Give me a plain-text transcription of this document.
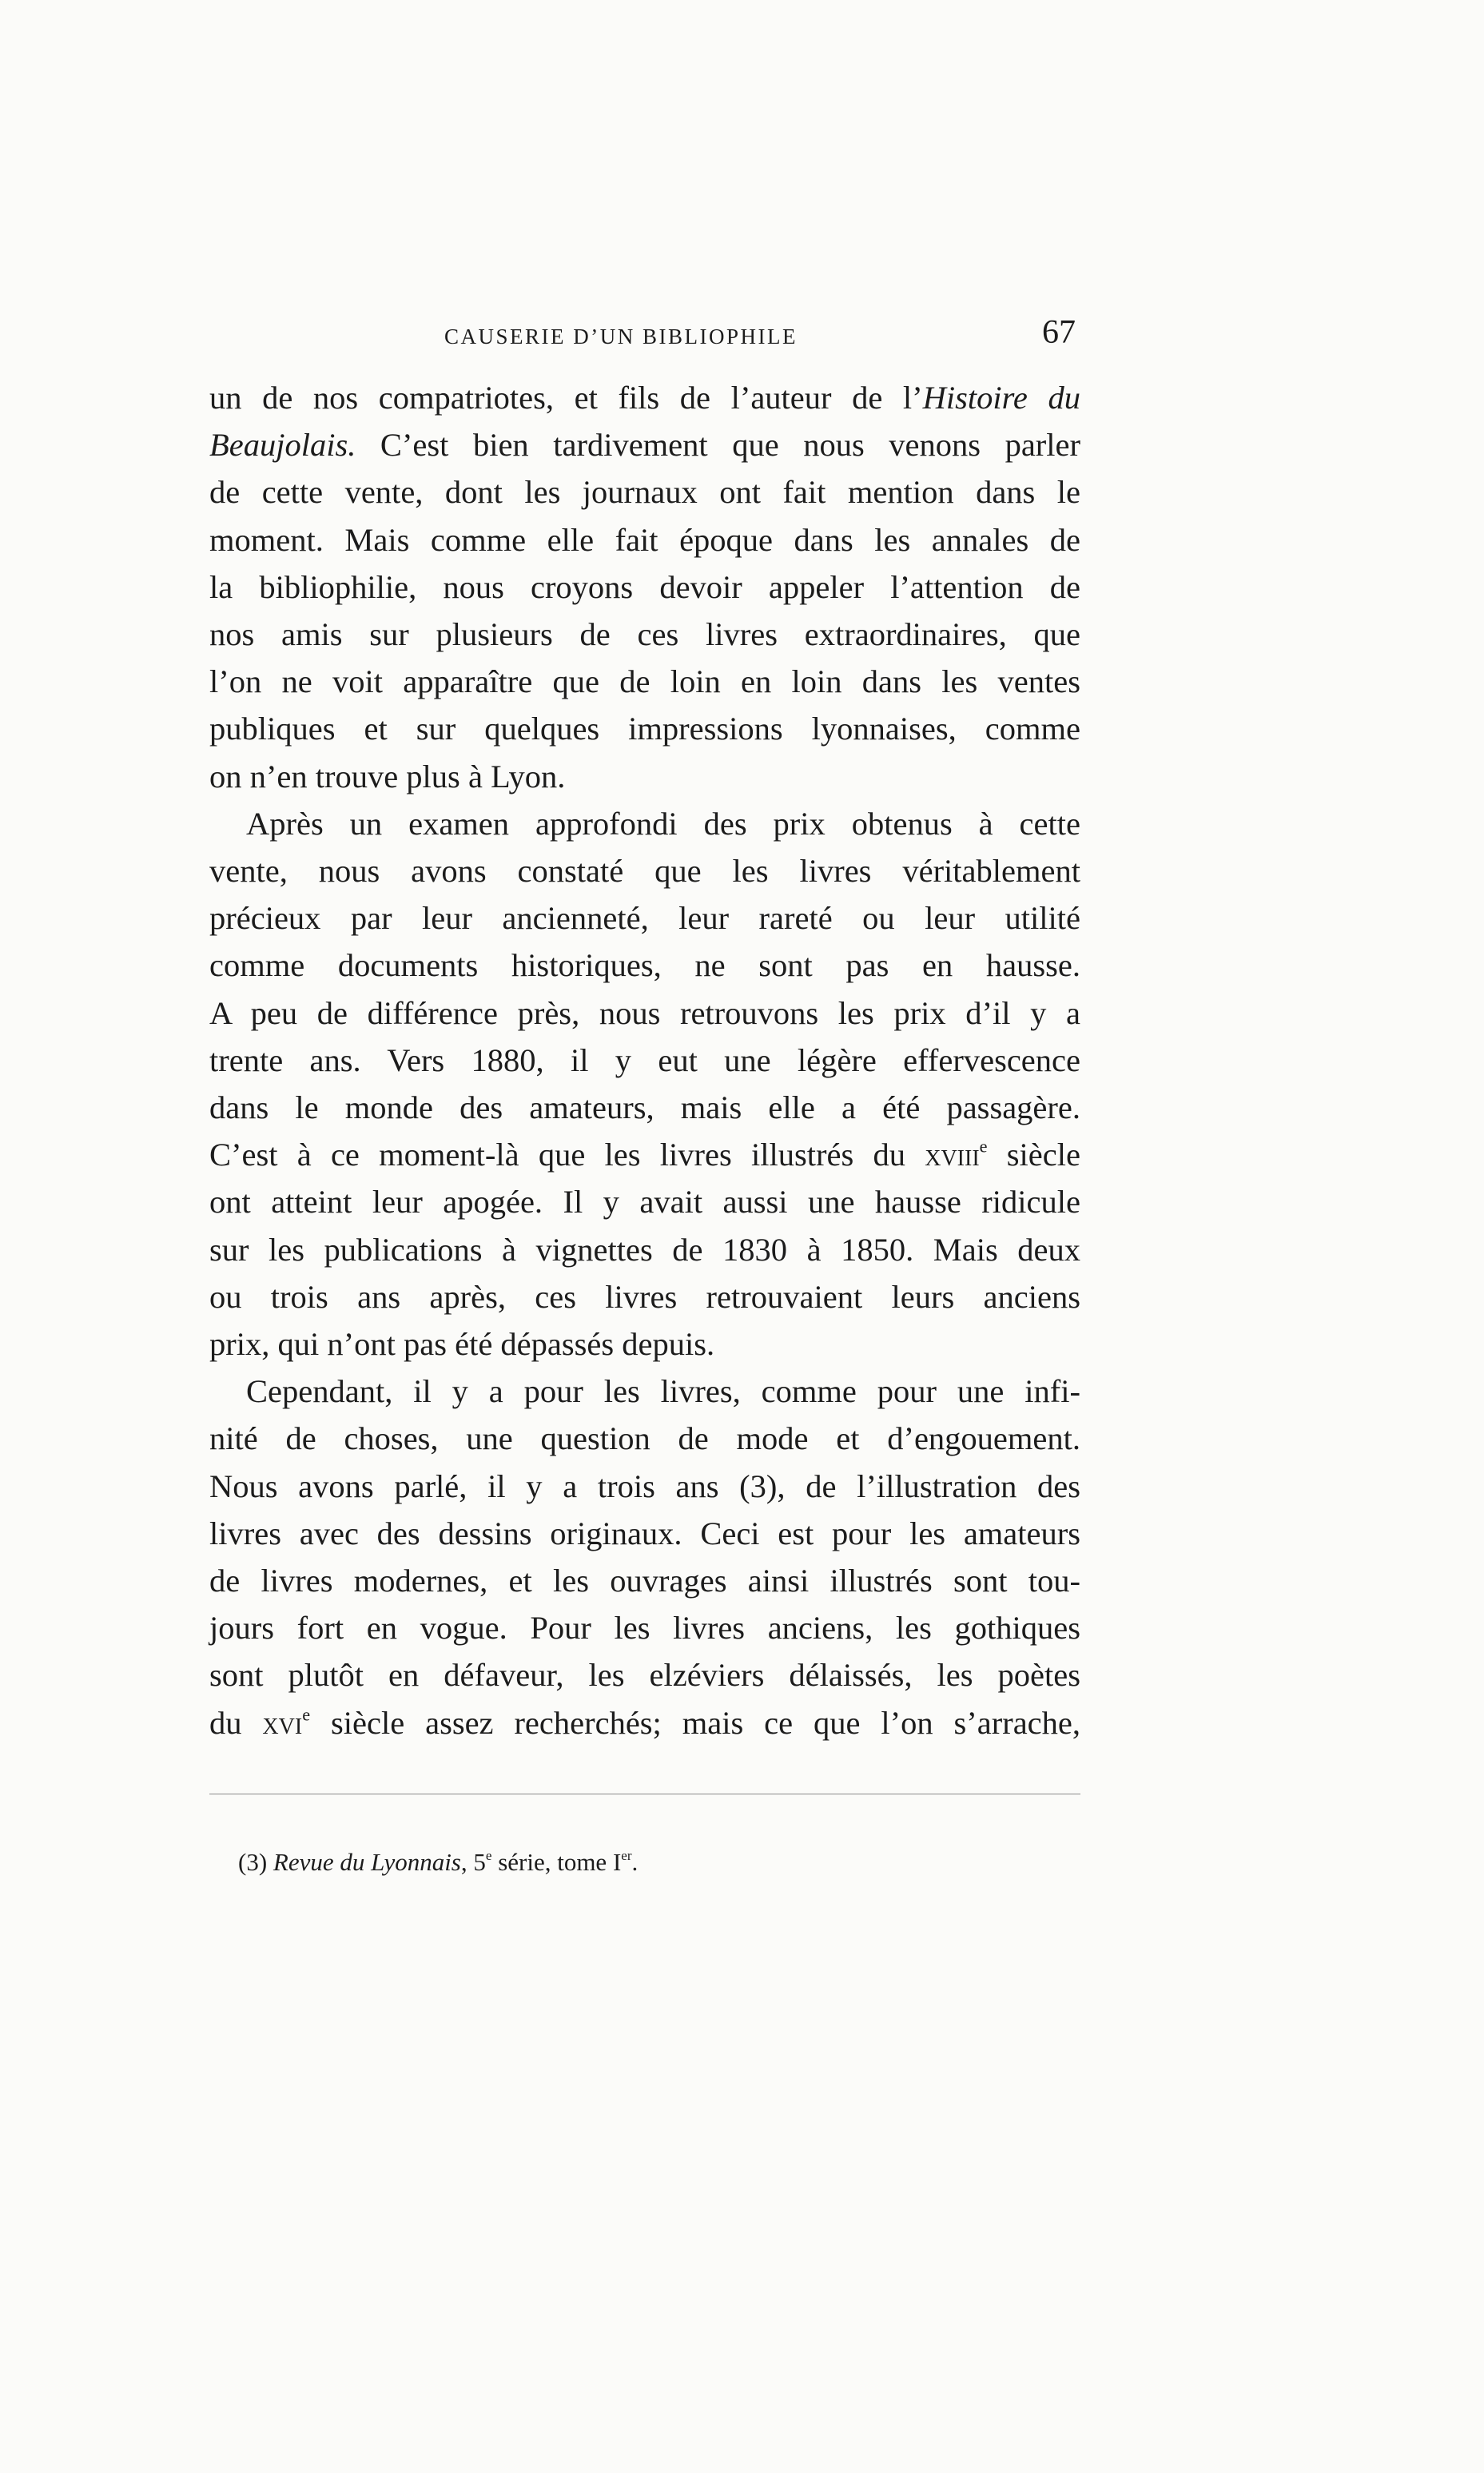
CAUSERIE D’UN BIBLIOPHILE	67

un de nos compatriotes, et fils de l’auteur de l’Histoire du
Beaujolais. C’est bien tardivement que nous venons parler
de cette vente, dont les journaux ont fait mention dans le
moment. Mais comme elle fait époque dans les annales de
la bibliophilie, nous croyons devoir appeler l’attention de
nos amis sur plusieurs de ces livres extraordinaires, que
l’on ne voit apparaître que de loin en loin dans les ventes
publiques et sur quelques impressions lyonnaises, comme
on n’en trouve plus à Lyon.

Après un examen approfondi des prix obtenus à cette
vente, nous avons constaté que les livres véritablement
précieux par leur ancienneté, leur rareté ou leur utilité
comme documents historiques, ne sont pas en hausse.
A peu de différence près, nous retrouvons les prix d’il y a
trente ans. Vers 1880, il y eut une légère effervescence
dans le monde des amateurs, mais elle a été passagère.
C’est à ce moment-là que les livres illustrés du xviii$^e$ siècle
ont atteint leur apogée. Il y avait aussi une hausse ridicule
sur les publications à vignettes de 1830 à 1850. Mais deux
ou trois ans après, ces livres retrouvaient leurs anciens
prix, qui n’ont pas été dépassés depuis.

Cependant, il y a pour les livres, comme pour une infi-
nité de choses, une question de mode et d’engouement.
Nous avons parlé, il y a trois ans (3), de l’illustration des
livres avec des dessins originaux. Ceci est pour les amateurs
de livres modernes, et les ouvrages ainsi illustrés sont tou-
jours fort en vogue. Pour les livres anciens, les gothiques
sont plutôt en défaveur, les elzéviers délaissés, les poètes
du xvi$^e$ siècle assez recherchés; mais ce que l’on s’arrache,

(3) Revue du Lyonnais, 5e série, tome Ier.
